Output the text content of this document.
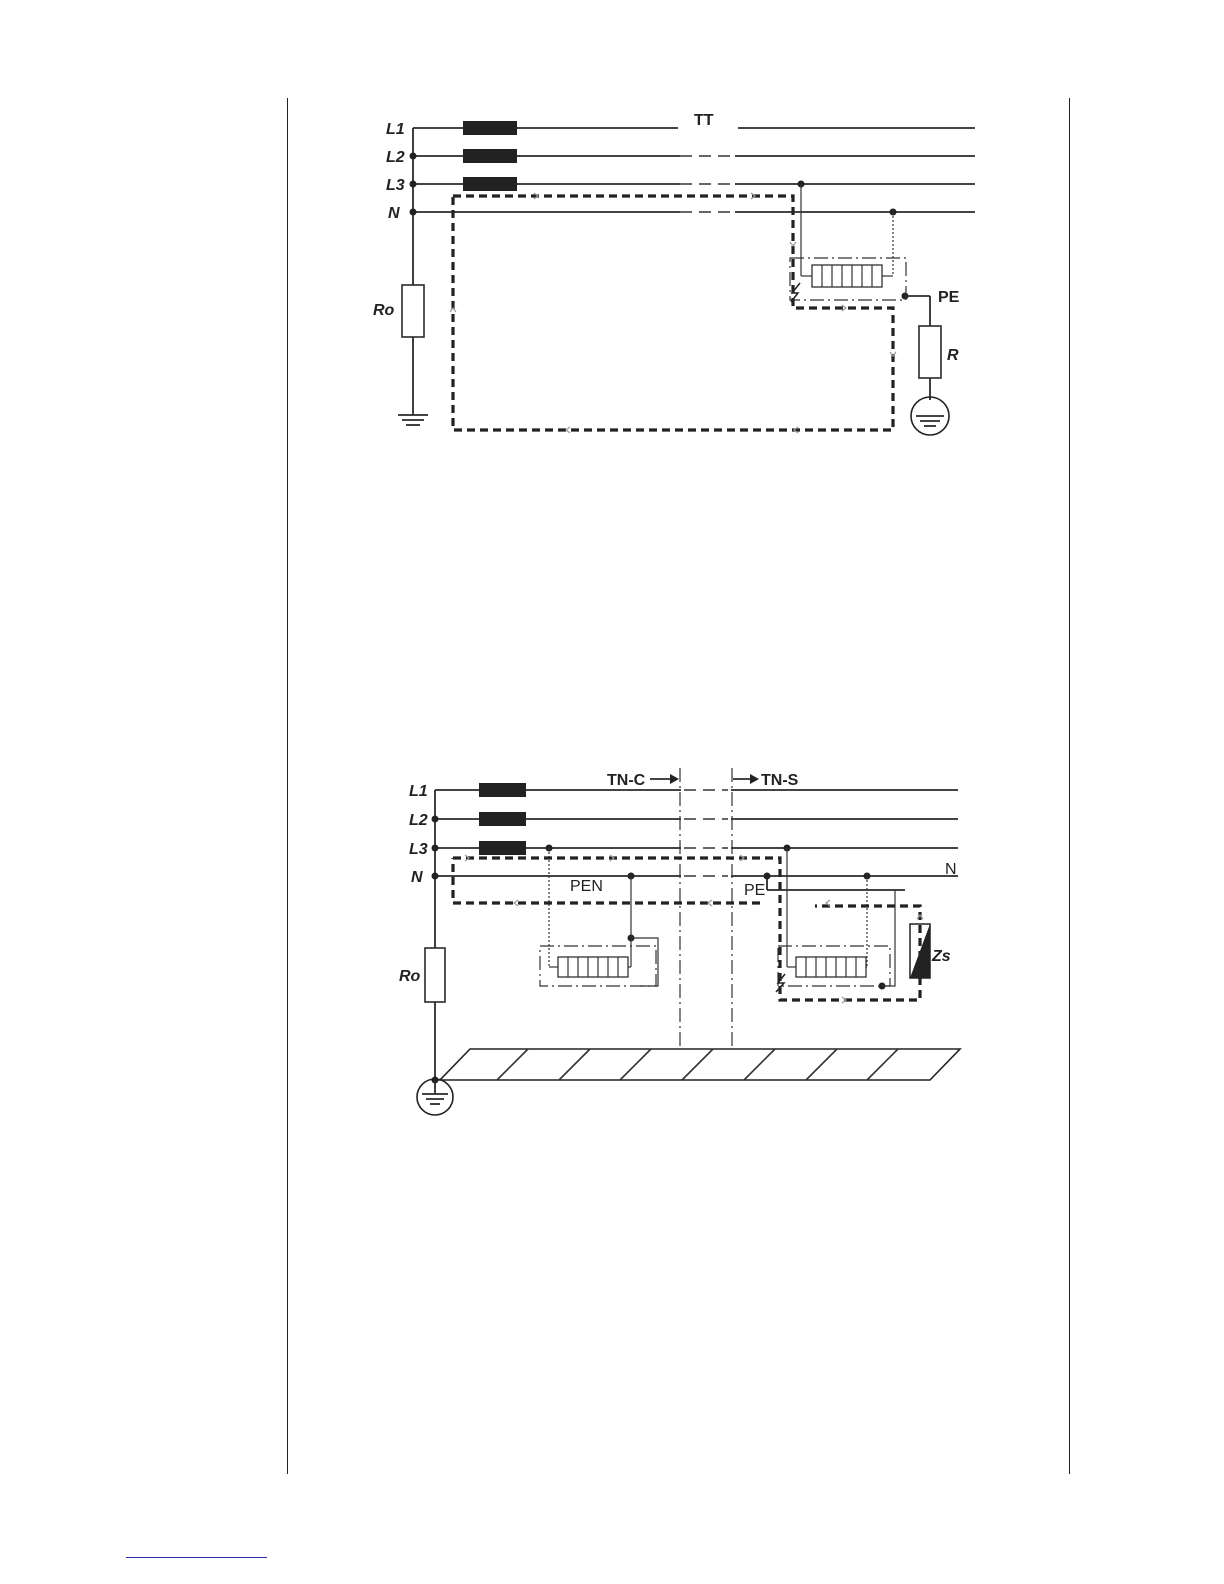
L1
L2
L3
N
TT
Ro
PE
R
TN-C	TN-S
L1
L2
L3
N	N
PEN	PE
Ro
Zs
